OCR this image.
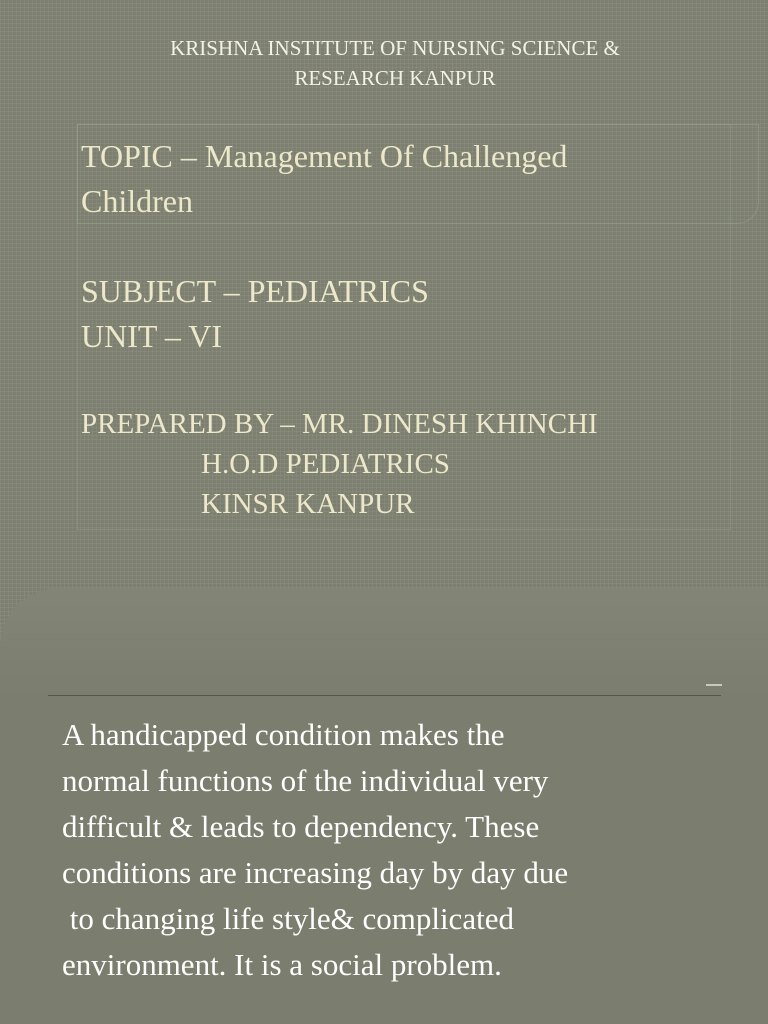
KRISHNA INSTITUTE OF NURSING SCIENCE &
RESEARCH KANPUR
TOPIC – Management Of Challenged
Children
SUBJECT – PEDIATRICS
UNIT – VI
PREPARED BY – MR. DINESH KHINCHI
H.O.D PEDIATRICS
KINSR KANPUR
A handicapped condition makes the
normal functions of the individual very
difficult & leads to dependency. These
conditions are increasing day by day due
to changing life style& complicated
environment. It is a social problem.
